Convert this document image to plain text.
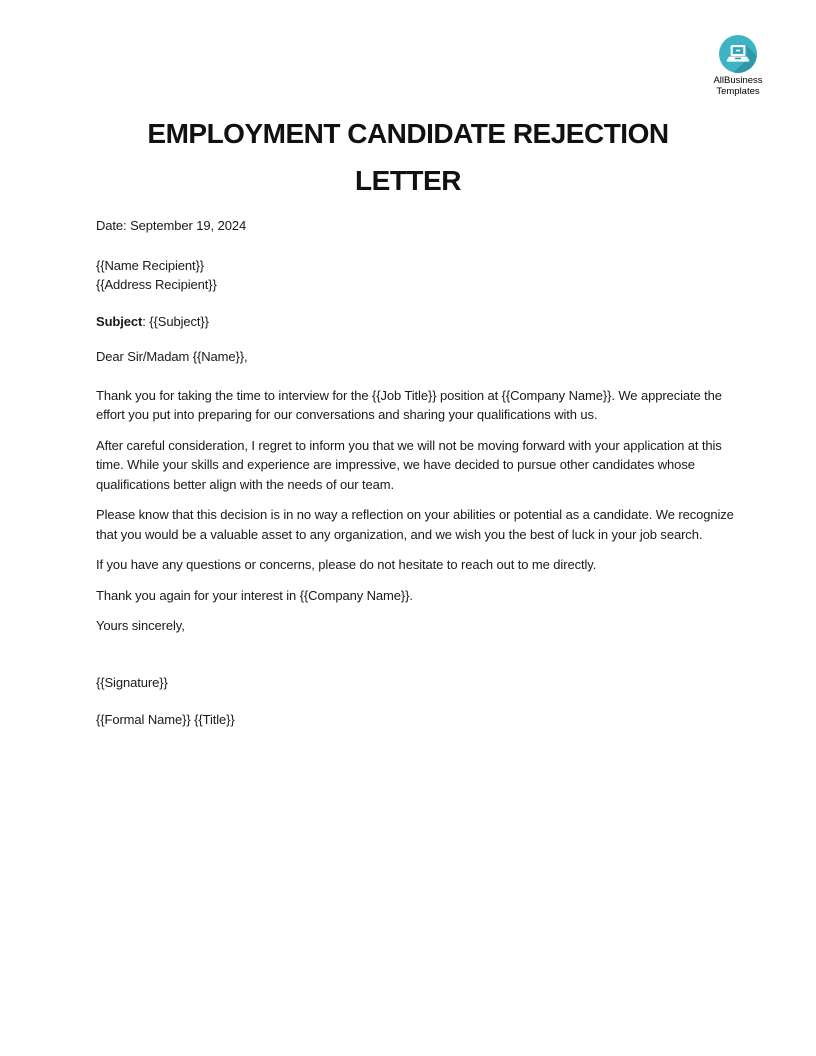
AllBusiness
Templates
EMPLOYMENT CANDIDATE REJECTION LETTER

Date: September 19, 2024

{{Name Recipient}}
{{Address Recipient}}

Subject: {{Subject}}

Dear Sir/Madam {{Name}},

Thank you for taking the time to interview for the {{Job Title}} position at {{Company Name}}. We appreciate the effort you put into preparing for our conversations and sharing your qualifications with us.

After careful consideration, I regret to inform you that we will not be moving forward with your application at this time. While your skills and experience are impressive, we have decided to pursue other candidates whose qualifications better align with the needs of our team.

Please know that this decision is in no way a reflection on your abilities or potential as a candidate. We recognize that you would be a valuable asset to any organization, and we wish you the best of luck in your job search.

If you have any questions or concerns, please do not hesitate to reach out to me directly.

Thank you again for your interest in {{Company Name}}.

Yours sincerely,

{{Signature}}

{{Formal Name}} {{Title}}
